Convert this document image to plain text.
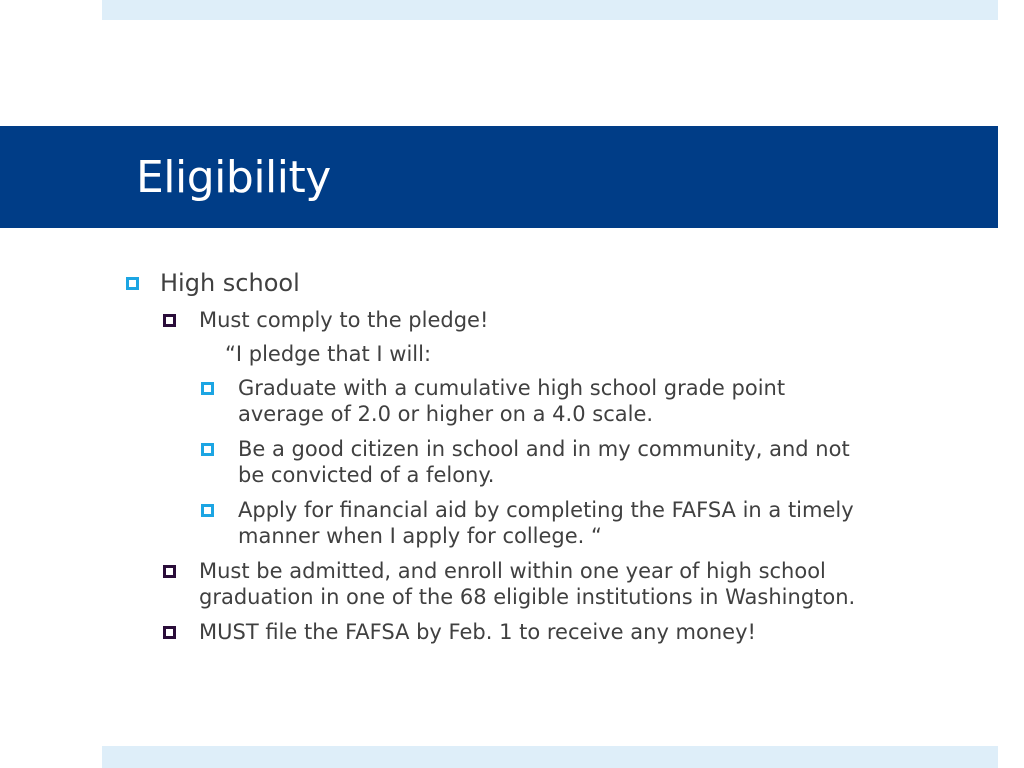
Eligibility
High school
Must comply to the pledge!
“I pledge that I will:
Graduate with a cumulative high school grade point
average of 2.0 or higher on a 4.0 scale.
Be a good citizen in school and in my community, and not
be convicted of a felony.
Apply for financial aid by completing the FAFSA in a timely
manner when I apply for college. “
Must be admitted, and enroll within one year of high school
graduation in one of the 68 eligible institutions in Washington.
MUST file the FAFSA by Feb. 1 to receive any money!
